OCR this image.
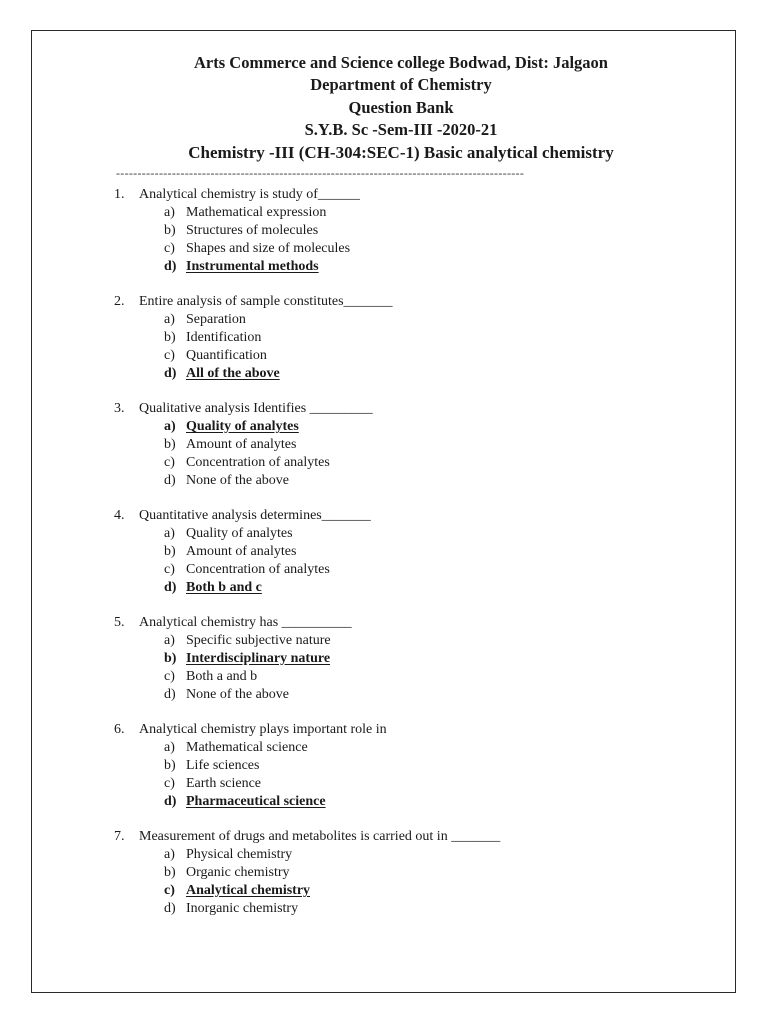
Arts Commerce and Science college Bodwad, Dist: Jalgaon
Department of Chemistry
Question Bank
S.Y.B. Sc -Sem-III -2020-21
Chemistry -III (CH-304:SEC-1) Basic analytical chemistry
-----------------------------------------------------------------------------------------------
1. Analytical chemistry is study of______
a) Mathematical expression
b) Structures of molecules
c) Shapes and size of molecules
d) Instrumental methods
2. Entire analysis of sample constitutes_______
a) Separation
b) Identification
c) Quantification
d) All of the above
3. Qualitative analysis Identifies _________
a) Quality of analytes
b) Amount of analytes
c) Concentration of analytes
d) None of the above
4. Quantitative analysis determines_______
a) Quality of analytes
b) Amount of analytes
c) Concentration of analytes
d) Both b and c
5. Analytical chemistry has __________
a) Specific subjective nature
b) Interdisciplinary nature
c) Both a and b
d) None of the above
6. Analytical chemistry plays important role in
a) Mathematical science
b) Life sciences
c) Earth science
d) Pharmaceutical science
7. Measurement of drugs and metabolites is carried out in _______
a) Physical chemistry
b) Organic chemistry
c) Analytical chemistry
d) Inorganic chemistry
